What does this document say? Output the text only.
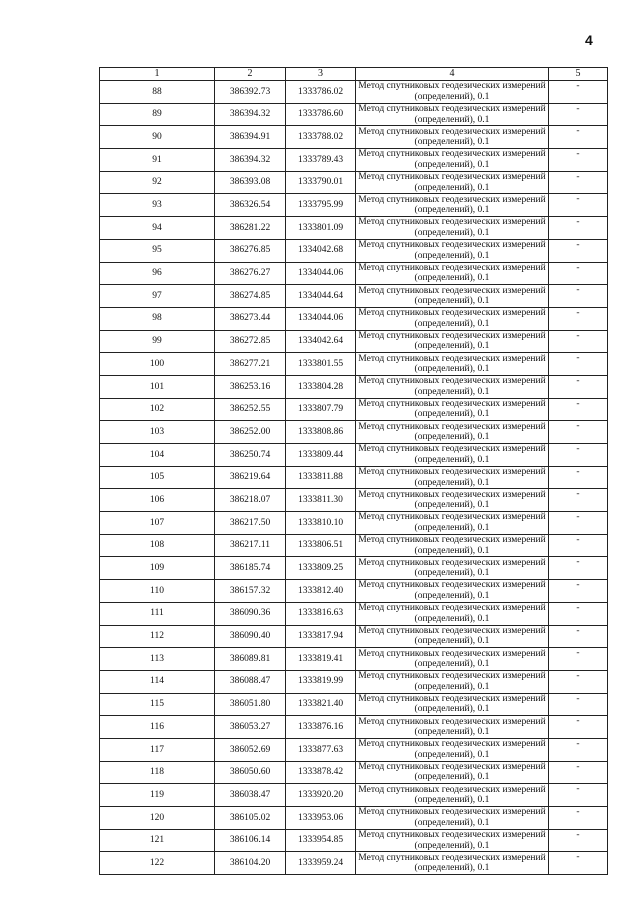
4
1	2	3	4	5
88	386392.73	1333786.02	Метод спутниковых геодезических измерений (определений), 0.1	-
89	386394.32	1333786.60	Метод спутниковых геодезических измерений (определений), 0.1	-
90	386394.91	1333788.02	Метод спутниковых геодезических измерений (определений), 0.1	-
91	386394.32	1333789.43	Метод спутниковых геодезических измерений (определений), 0.1	-
92	386393.08	1333790.01	Метод спутниковых геодезических измерений (определений), 0.1	-
93	386326.54	1333795.99	Метод спутниковых геодезических измерений (определений), 0.1	-
94	386281.22	1333801.09	Метод спутниковых геодезических измерений (определений), 0.1	-
95	386276.85	1334042.68	Метод спутниковых геодезических измерений (определений), 0.1	-
96	386276.27	1334044.06	Метод спутниковых геодезических измерений (определений), 0.1	-
97	386274.85	1334044.64	Метод спутниковых геодезических измерений (определений), 0.1	-
98	386273.44	1334044.06	Метод спутниковых геодезических измерений (определений), 0.1	-
99	386272.85	1334042.64	Метод спутниковых геодезических измерений (определений), 0.1	-
100	386277.21	1333801.55	Метод спутниковых геодезических измерений (определений), 0.1	-
101	386253.16	1333804.28	Метод спутниковых геодезических измерений (определений), 0.1	-
102	386252.55	1333807.79	Метод спутниковых геодезических измерений (определений), 0.1	-
103	386252.00	1333808.86	Метод спутниковых геодезических измерений (определений), 0.1	-
104	386250.74	1333809.44	Метод спутниковых геодезических измерений (определений), 0.1	-
105	386219.64	1333811.88	Метод спутниковых геодезических измерений (определений), 0.1	-
106	386218.07	1333811.30	Метод спутниковых геодезических измерений (определений), 0.1	-
107	386217.50	1333810.10	Метод спутниковых геодезических измерений (определений), 0.1	-
108	386217.11	1333806.51	Метод спутниковых геодезических измерений (определений), 0.1	-
109	386185.74	1333809.25	Метод спутниковых геодезических измерений (определений), 0.1	-
110	386157.32	1333812.40	Метод спутниковых геодезических измерений (определений), 0.1	-
111	386090.36	1333816.63	Метод спутниковых геодезических измерений (определений), 0.1	-
112	386090.40	1333817.94	Метод спутниковых геодезических измерений (определений), 0.1	-
113	386089.81	1333819.41	Метод спутниковых геодезических измерений (определений), 0.1	-
114	386088.47	1333819.99	Метод спутниковых геодезических измерений (определений), 0.1	-
115	386051.80	1333821.40	Метод спутниковых геодезических измерений (определений), 0.1	-
116	386053.27	1333876.16	Метод спутниковых геодезических измерений (определений), 0.1	-
117	386052.69	1333877.63	Метод спутниковых геодезических измерений (определений), 0.1	-
118	386050.60	1333878.42	Метод спутниковых геодезических измерений (определений), 0.1	-
119	386038.47	1333920.20	Метод спутниковых геодезических измерений (определений), 0.1	-
120	386105.02	1333953.06	Метод спутниковых геодезических измерений (определений), 0.1	-
121	386106.14	1333954.85	Метод спутниковых геодезических измерений (определений), 0.1	-
122	386104.20	1333959.24	Метод спутниковых геодезических измерений (определений), 0.1	-
